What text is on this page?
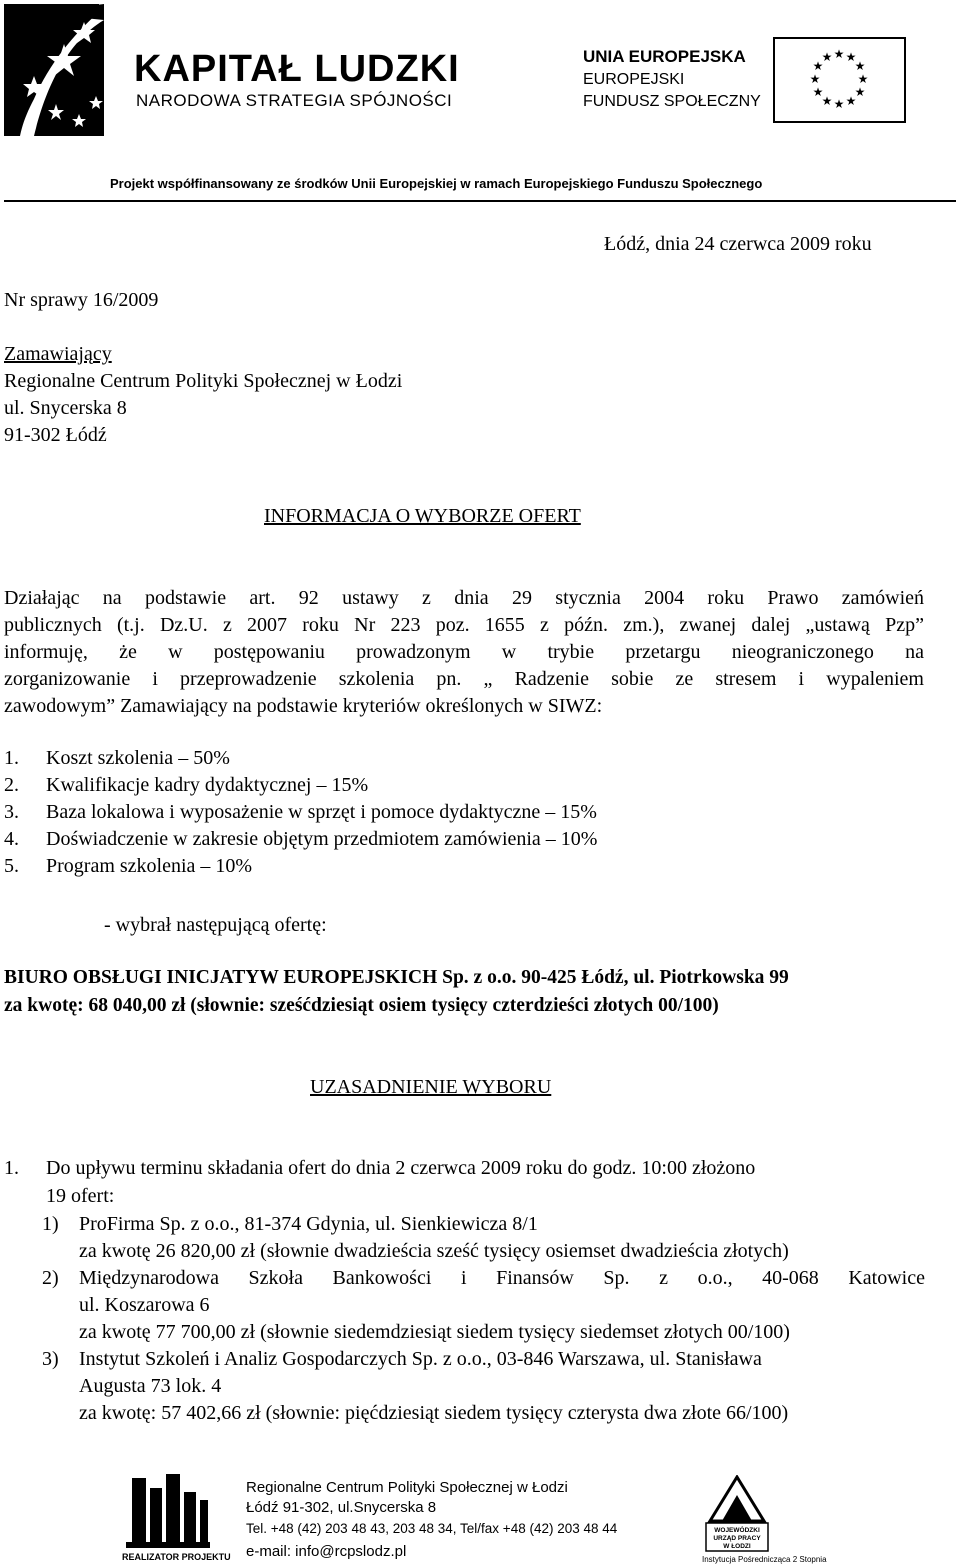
KAPITAŁ LUDZKI
NARODOWA STRATEGIA SPÓJNOŚCI
UNIA EUROPEJSKA
EUROPEJSKI
FUNDUSZ SPOŁECZNY
★ ★
★
★
★
★
★
★
★
★
★
★
Projekt współfinansowany ze środków Unii Europejskiej w ramach Europejskiego Funduszu Społecznego
Łódź, dnia 24 czerwca 2009 roku
Nr sprawy 16/2009
Zamawiający
Regionalne Centrum Polityki Społecznej w Łodzi
ul. Snycerska 8
91-302 Łódź
INFORMACJA O WYBORZE OFERT
Działając na podstawie art. 92 ustawy z dnia 29 stycznia 2004 roku Prawo zamówień
publicznych (t.j. Dz.U. z 2007 roku Nr 223 poz. 1655 z późn. zm.), zwanej dalej „ustawą Pzp”
informuję, że w postępowaniu prowadzonym w trybie przetargu nieograniczonego na
zorganizowanie i przeprowadzenie szkolenia pn. „ Radzenie sobie ze stresem i wypaleniem
zawodowym” Zamawiający na podstawie kryteriów określonych w SIWZ:
1. Koszt szkolenia – 50%
2. Kwalifikacje kadry dydaktycznej – 15%
3. Baza lokalowa i wyposażenie w sprzęt i pomoce dydaktyczne – 15%
4. Doświadczenie w zakresie objętym przedmiotem zamówienia – 10%
5. Program szkolenia – 10%
- wybrał następującą ofertę:
BIURO OBSŁUGI INICJATYW EUROPEJSKICH Sp. z o.o. 90-425 Łódź, ul. Piotrkowska 99
za kwotę: 68 040,00 zł (słownie: sześćdziesiąt osiem tysięcy czterdzieści złotych 00/100)
UZASADNIENIE WYBORU
1. Do upływu terminu składania ofert do dnia 2 czerwca 2009 roku do godz. 10:00 złożono
19 ofert:
1) ProFirma Sp. z o.o., 81-374 Gdynia, ul. Sienkiewicza 8/1
za kwotę 26 820,00 zł (słownie dwadzieścia sześć tysięcy osiemset dwadzieścia złotych)
2) Międzynarodowa Szkoła Bankowości i Finansów Sp. z o.o., 40-068 Katowice
ul. Koszarowa 6
za kwotę 77 700,00 zł (słownie siedemdziesiąt siedem tysięcy siedemset złotych 00/100)
3) Instytut Szkoleń i Analiz Gospodarczych Sp. z o.o., 03-846 Warszawa, ul. Stanisława
Augusta 73 lok. 4
za kwotę: 57 402,66 zł (słownie: pięćdziesiąt siedem tysięcy czterysta dwa złote 66/100)
REALIZATOR PROJEKTU
Regionalne Centrum Polityki Społecznej w Łodzi
Łódź 91-302, ul.Snycerska 8
Tel. +48 (42) 203 48 43, 203 48 34, Tel/fax +48 (42) 203 48 44
e-mail: info@rcpslodz.pl
WOJEWÓDZKI
URZĄD PRACY
W ŁODZI
Instytucja Pośrednicząca 2 Stopnia
